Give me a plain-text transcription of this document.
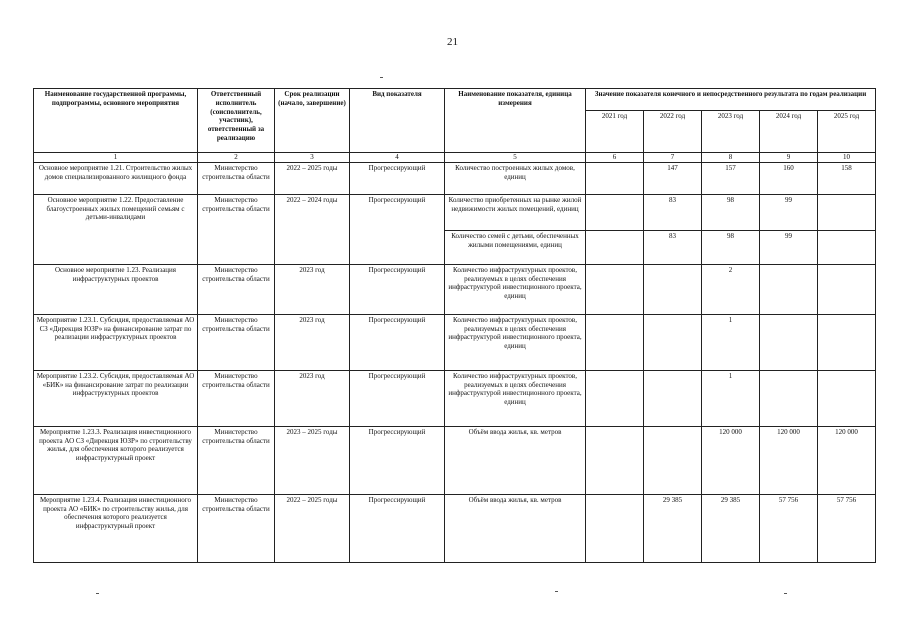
21
Наименование государственной программы, подпрограммы, основного мероприятия	Ответственный исполнитель (соисполнитель, участник), ответственный за реализацию	Срок реализации (начало, завершение)	Вид показателя	Наименование показателя, единица измерения	Значение показателя конечного и непосредственного результата по годам реализации				
					2021 год	2022 год	2023 год	2024 год	2025 год
1	2	3	4	5	6	7	8	9	10
Основное мероприятие 1.21. Строительство жилых домов специализированного жилищного фонда	Министерство строительства области	2022 – 2025 годы	Прогрессирующий	Количество построенных жилых домов, единиц		147	157	160	158
Основное мероприятие 1.22. Предоставление благоустроенных жилых помещений семьям с детьми-инвалидами	Министерство строительства области	2022 – 2024 годы	Прогрессирующий	Количество приобретенных на рынке жилой недвижимости жилых помещений, единиц		83	98	99	
				Количество семей с детьми, обеспеченных жилыми помещениями, единиц		83	98	99	
Основное мероприятие 1.23. Реализация инфраструктурных проектов	Министерство строительства области	2023 год	Прогрессирующий	Количество инфраструктурных проектов, реализуемых в целях обеспечения инфраструктурой инвестиционного проекта, единиц			2		
Мероприятие 1.23.1. Субсидия, предоставляемая АО СЗ «Дирекция ЮЗР» на финансирование затрат по реализации инфраструктурных проектов	Министерство строительства области	2023 год	Прогрессирующий	Количество инфраструктурных проектов, реализуемых в целях обеспечения инфраструктурой инвестиционного проекта, единиц			1		
Мероприятие 1.23.2. Субсидия, предоставляемая АО «БИК» на финансирование затрат по реализации инфраструктурных проектов	Министерство строительства области	2023 год	Прогрессирующий	Количество инфраструктурных проектов, реализуемых в целях обеспечения инфраструктурой инвестиционного проекта, единиц			1		
Мероприятие 1.23.3. Реализация инвестиционного проекта АО СЗ «Дирекция ЮЗР» по строительству жилья, для обеспечения которого реализуется инфраструктурный проект	Министерство строительства области	2023 – 2025 годы	Прогрессирующий	Объём ввода жилья, кв. метров			120 000	120 000	120 000
Мероприятие 1.23.4. Реализация инвестиционного проекта АО «БИК» по строительству жилья, для обеспечения которого реализуется инфраструктурный проект	Министерство строительства области	2022 – 2025 годы	Прогрессирующий	Объём ввода жилья, кв. метров		29 385	29 385	57 756	57 756
